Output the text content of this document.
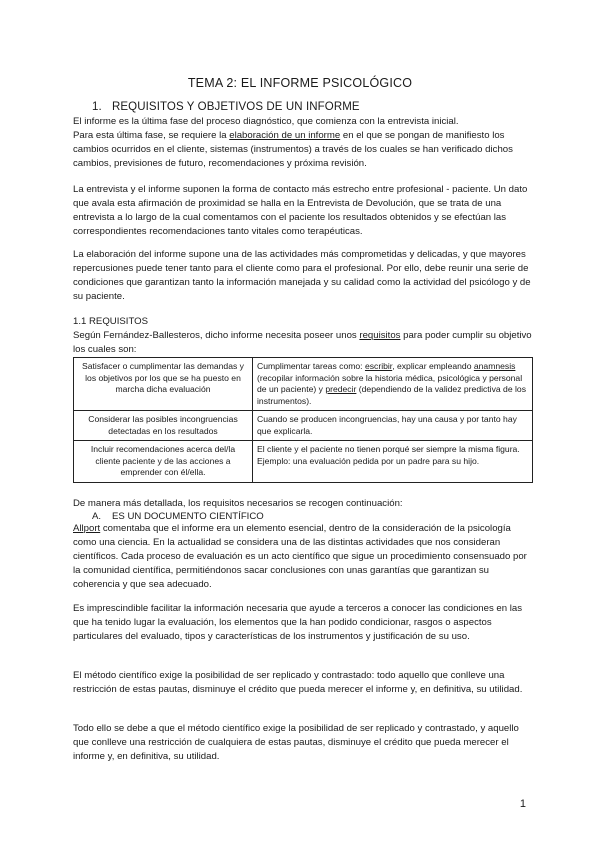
TEMA 2: EL INFORME PSICOLÓGICO
1. REQUISITOS Y OBJETIVOS DE UN INFORME

El informe es la última fase del proceso diagnóstico, que comienza con la entrevista inicial.

Para esta última fase, se requiere la elaboración de un informe en el que se pongan de manifiesto los cambios ocurridos en el cliente, sistemas (instrumentos) a través de los cuales se han verificado dichos cambios, previsiones de futuro, recomendaciones y próxima revisión.

La entrevista y el informe suponen la forma de contacto más estrecho entre profesional - paciente. Un dato que avala esta afirmación de proximidad se halla en la Entrevista de Devolución, que se trata de una entrevista a lo largo de la cual comentamos con el paciente los resultados obtenidos y se efectúan las correspondientes recomendaciones tanto vitales como terapéuticas.

La elaboración del informe supone una de las actividades más comprometidas y delicadas, y que mayores repercusiones puede tener tanto para el cliente como para el profesional. Por ello, debe reunir una serie de condiciones que garantizan tanto la información manejada y su calidad como la actividad del psicólogo y de su paciente.

1.1 REQUISITOS

Según Fernández-Ballesteros, dicho informe necesita poseer unos requisitos para poder cumplir su objetivo los cuales son:

Satisfacer o cumplimentar las demandas y los objetivos por los que se ha puesto en marcha dicha evaluación	Cumplimentar tareas como: escribir, explicar empleando anamnesis (recopilar información sobre la historia médica, psicológica y personal de un paciente) y predecir (dependiendo de la validez predictiva de los instrumentos).
Considerar las posibles incongruencias detectadas en los resultados	Cuando se producen incongruencias, hay una causa y por tanto hay que explicarla.
Incluir recomendaciones acerca del/la cliente paciente y de las acciones a emprender con él/ella.	El cliente y el paciente no tienen porqué ser siempre la misma figura.
Ejemplo: una evaluación pedida por un padre para su hijo.
De manera más detallada, los requisitos necesarios se recogen continuación:
A. ES UN DOCUMENTO CIENTÍFICO

Allport comentaba que el informe era un elemento esencial, dentro de la consideración de la psicología como una ciencia. En la actualidad se considera una de las distintas actividades que nos consideran científicos. Cada proceso de evaluación es un acto científico que sigue un procedimiento consensuado por la comunidad científica, permitiéndonos sacar conclusiones con unas garantías que garantizan su coherencia y que sea adecuado.

Es imprescindible facilitar la información necesaria que ayude a terceros a conocer las condiciones en las que ha tenido lugar la evaluación, los elementos que la han podido condicionar, rasgos o aspectos particulares del evaluado, tipos y características de los instrumentos y justificación de su uso.

El método científico exige la posibilidad de ser replicado y contrastado: todo aquello que conlleve una restricción de estas pautas, disminuye el crédito que pueda merecer el informe y, en definitiva, su utilidad.

Todo ello se debe a que el método científico exige la posibilidad de ser replicado y contrastado, y aquello que conlleve una restricción de cualquiera de estas pautas, disminuye el crédito que pueda merecer el informe y, en definitiva, su utilidad.

1
